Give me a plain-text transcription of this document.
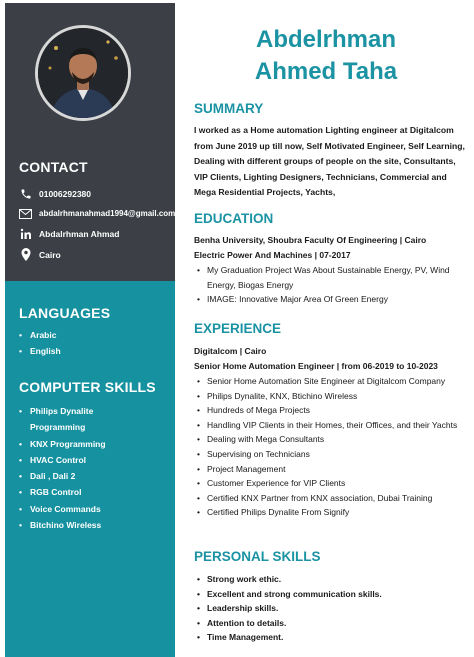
CONTACT
01006292380
abdalrhmanahmad1994@gmail.com
Abdalrhman Ahmad
Cairo
LANGUAGES
• Arabic
• English
COMPUTER SKILLS
• Philips Dynalite Programming
• KNX Programming
• HVAC Control
• Dali , Dali 2
• RGB Control
• Voice Commands
• Bitchino Wireless
Abdelrhman
Ahmed Taha
SUMMARY
I worked as a Home automation Lighting engineer at Digitalcom from June 2019 up till now, Self Motivated Engineer, Self Learning, Dealing with different groups of people on the site, Consultants, VIP Clients, Lighting Designers, Technicians, Commercial and Mega Residential Projects, Yachts,
EDUCATION
Benha University, Shoubra Faculty Of Engineering | Cairo
Electric Power And Machines | 07-2017
• My Graduation Project Was About Sustainable Energy, PV, Wind Energy, Biogas Energy
• IMAGE: Innovative Major Area Of Green Energy
EXPERIENCE
Digitalcom | Cairo
Senior Home Automation Engineer | from 06-2019 to 10-2023
• Senior Home Automation Site Engineer at Digitalcom Company
• Philips Dynalite, KNX, Btichino Wireless
• Hundreds of Mega Projects
• Handling VIP Clients in their Homes, their Offices, and their Yachts
• Dealing with Mega Consultants
• Supervising on Technicians
• Project Management
• Customer Experience for VIP Clients
• Certified KNX Partner from KNX association, Dubai Training
• Certified Philips Dynalite From Signify
PERSONAL SKILLS
• Strong work ethic.
• Excellent and strong communication skills.
• Leadership skills.
• Attention to details.
• Time Management.
